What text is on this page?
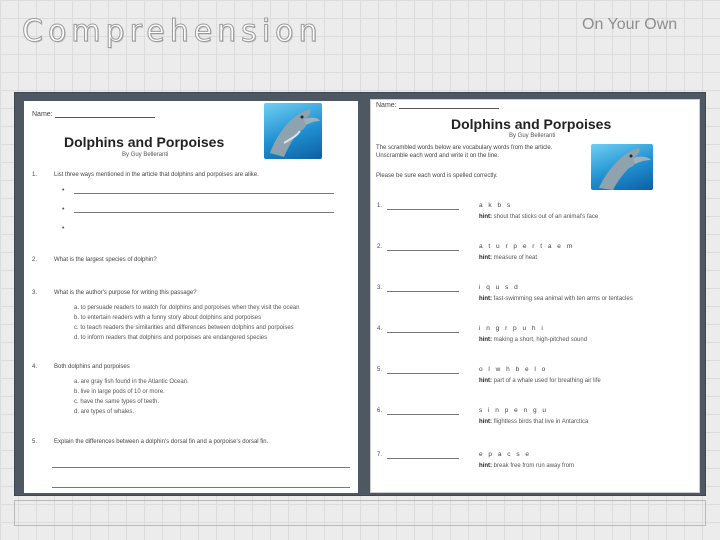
Comprehension	On Your Own
Name:
Dolphins and Porpoises
By Guy Belleranti
1.	List three ways mentioned in the article that dolphins and porpoises are alike.
•
•
•
2.	What is the largest species of dolphin?
3.	What is the author's purpose for writing this passage?
a. to persuade readers to watch for dolphins and porpoises when they visit the ocean
b. to entertain readers with a funny story about dolphins and porpoises
c. to teach readers the similarities and differences between dolphins and porpoises
d. to inform readers that dolphins and porpoises are endangered species
4.	Both dolphins and porpoises
a. are gray fish found in the Atlantic Ocean.
b. live in large pods of 10 or more.
c. have the same types of teeth.
d. are types of whales.
5.	Explain the differences between a dolphin's dorsal fin and a porpoise's dorsal fin.
Name:
Dolphins and Porpoises
By Guy Belleranti
The scrambled words below are vocabulary words from the article. Unscramble each word and write it on the line.
Please be sure each word is spelled correctly.
1.	a k b s
hint: shout that sticks out of an animal's face
2.	a t u r p e r t a e m
hint: measure of heat
3.	i q u s d
hint: fast-swimming sea animal with ten arms or tentacles
4.	i n g r p u h i
hint: making a short, high-pitched sound
5.	o l w h b e l o
hint: part of a whale used for breathing air life
6.	s i n p e n g u
hint: flightless birds that live in Antarctica
7.	e p a c s e
hint: break free from run away from
